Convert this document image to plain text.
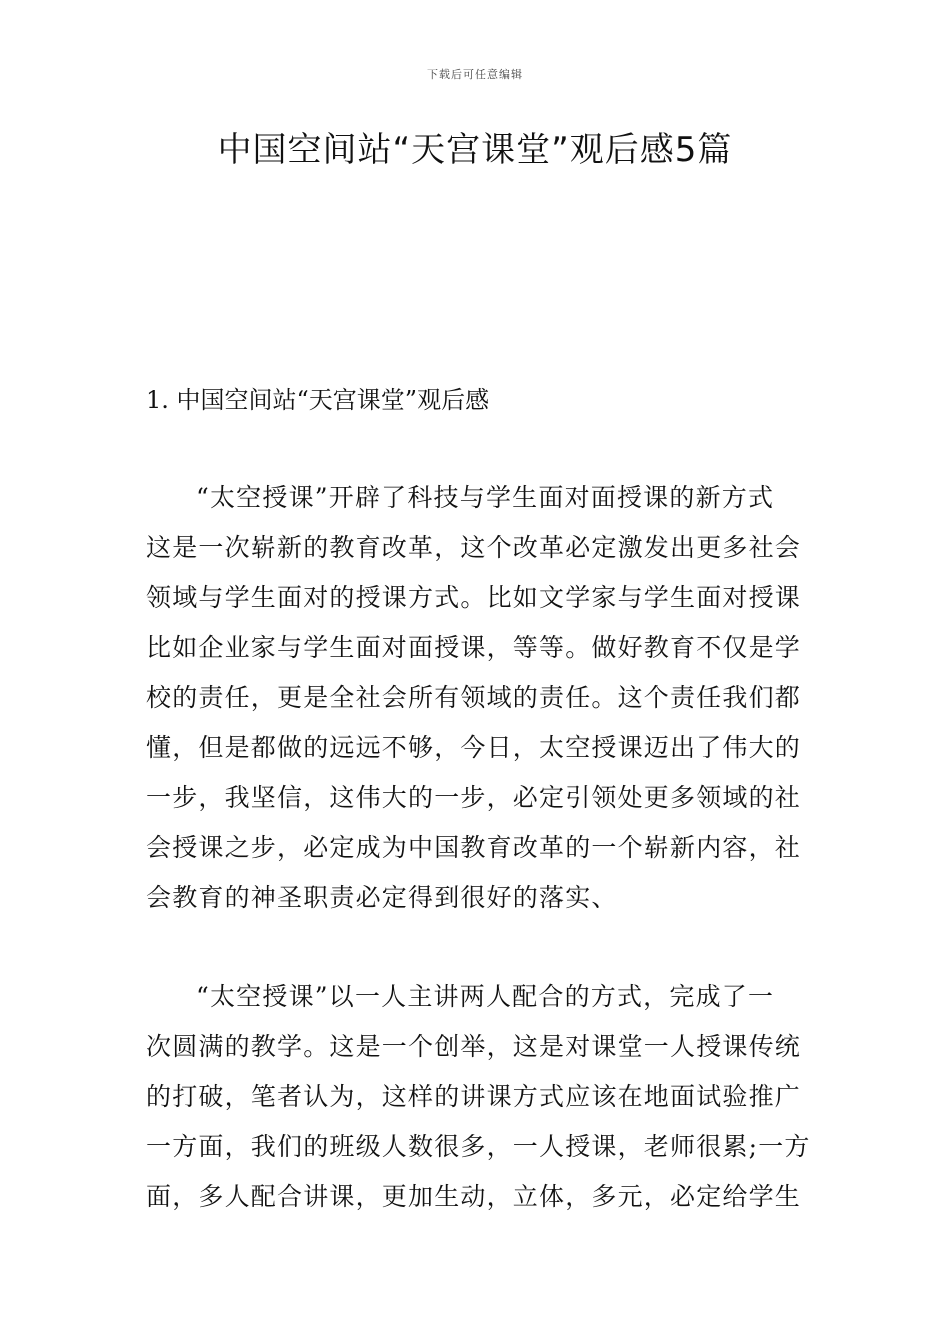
下载后可任意编辑
中国空间站“天宫课堂”观后感5篇
1. 中国空间站“天宫课堂”观后感
“太空授课”开辟了科技与学生面对面授课的新方式
这是一次崭新的教育改革，这个改革必定激发出更多社会
领域与学生面对的授课方式。比如文学家与学生面对授课
比如企业家与学生面对面授课，等等。做好教育不仅是学
校的责任，更是全社会所有领域的责任。这个责任我们都
懂，但是都做的远远不够，今日，太空授课迈出了伟大的
一步，我坚信，这伟大的一步，必定引领处更多领域的社
会授课之步，必定成为中国教育改革的一个崭新内容，社
会教育的神圣职责必定得到很好的落实、
“太空授课”以一人主讲两人配合的方式，完成了一
次圆满的教学。这是一个创举，这是对课堂一人授课传统
的打破，笔者认为，这样的讲课方式应该在地面试验推广
一方面，我们的班级人数很多，一人授课，老师很累;一方
面，多人配合讲课，更加生动，立体，多元，必定给学生
